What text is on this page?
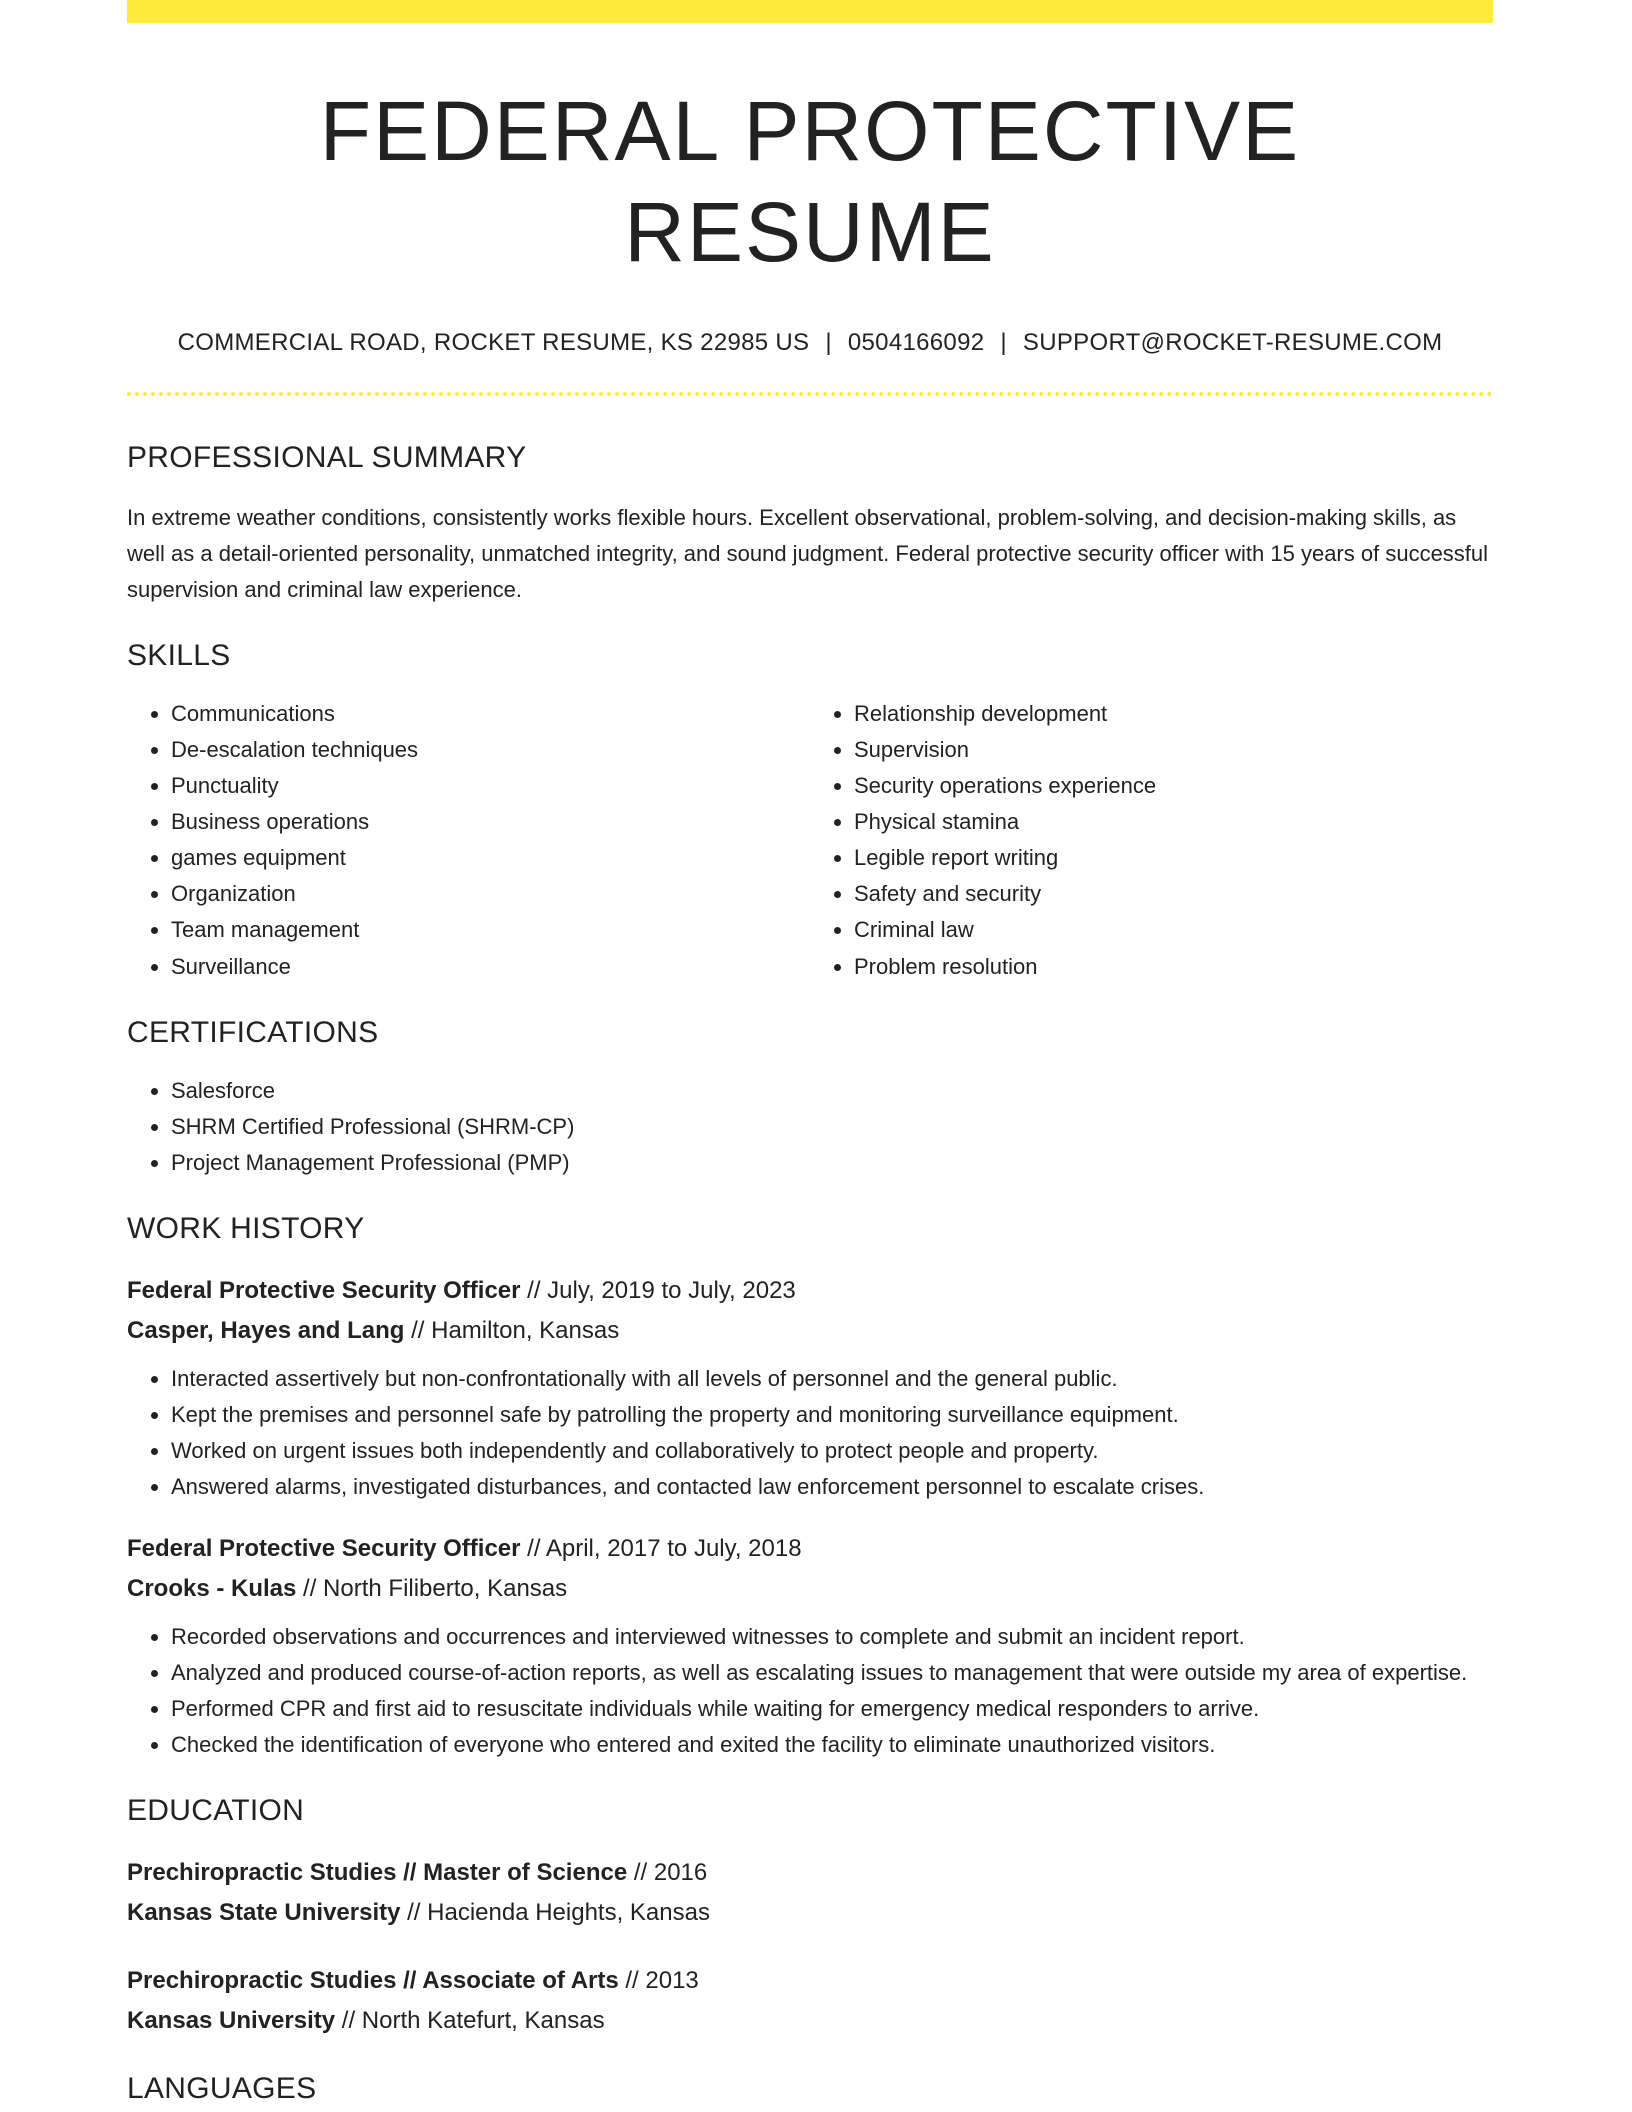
FEDERAL PROTECTIVE RESUME
COMMERCIAL ROAD, ROCKET RESUME, KS 22985 US | 0504166092 | SUPPORT@ROCKET-RESUME.COM
PROFESSIONAL SUMMARY

In extreme weather conditions, consistently works flexible hours. Excellent observational, problem-solving, and decision-making skills, as well as a detail-oriented personality, unmatched integrity, and sound judgment. Federal protective security officer with 15 years of successful supervision and criminal law experience.

SKILLS
• Communications
• De-escalation techniques
• Punctuality
• Business operations
• games equipment
• Organization
• Team management
• Surveillance
• Relationship development
• Supervision
• Security operations experience
• Physical stamina
• Legible report writing
• Safety and security
• Criminal law
• Problem resolution
CERTIFICATIONS
• Salesforce
• SHRM Certified Professional (SHRM-CP)
• Project Management Professional (PMP)
WORK HISTORY

Federal Protective Security Officer // July, 2019 to July, 2023

Casper, Hayes and Lang // Hamilton, Kansas

• Interacted assertively but non-confrontationally with all levels of personnel and the general public.
• Kept the premises and personnel safe by patrolling the property and monitoring surveillance equipment.
• Worked on urgent issues both independently and collaboratively to protect people and property.
• Answered alarms, investigated disturbances, and contacted law enforcement personnel to escalate crises.

Federal Protective Security Officer // April, 2017 to July, 2018

Crooks - Kulas // North Filiberto, Kansas

• Recorded observations and occurrences and interviewed witnesses to complete and submit an incident report.
• Analyzed and produced course-of-action reports, as well as escalating issues to management that were outside my area of expertise.
• Performed CPR and first aid to resuscitate individuals while waiting for emergency medical responders to arrive.
• Checked the identification of everyone who entered and exited the facility to eliminate unauthorized visitors.
EDUCATION

Prechiropractic Studies // Master of Science // 2016

Kansas State University // Hacienda Heights, Kansas

Prechiropractic Studies // Associate of Arts // 2013

Kansas University // North Katefurt, Kansas

LANGUAGES
